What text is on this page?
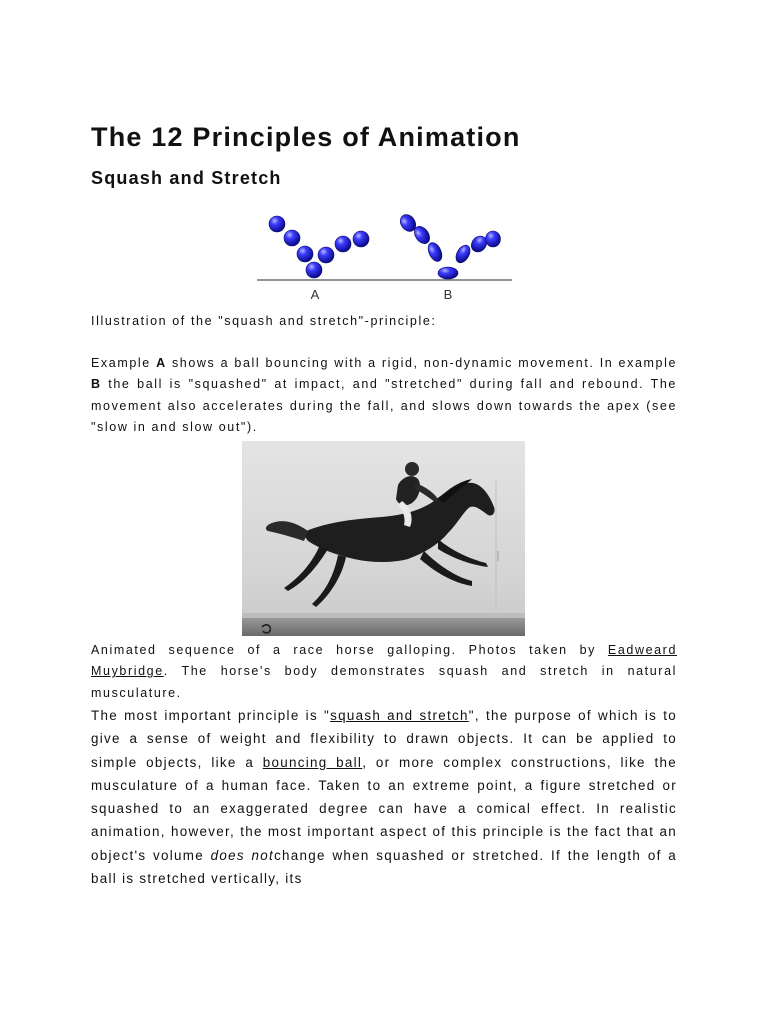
The 12 Principles of Animation
Squash and Stretch
A	B
Illustration of the "squash and stretch"-principle:

Example A shows a ball bouncing with a rigid, non-dynamic movement. In example B the ball is "squashed" at impact, and "stretched" during fall and rebound. The movement also accelerates during the fall, and slows down towards the apex (see "slow in and slow out").

Animated sequence of a race horse galloping. Photos taken by Eadweard Muybridge. The horse's body demonstrates squash and stretch in natural musculature.

The most important principle is "squash and stretch", the purpose of which is to give a sense of weight and flexibility to drawn objects. It can be applied to simple objects, like a bouncing ball, or more complex constructions, like the musculature of a human face. Taken to an extreme point, a figure stretched or squashed to an exaggerated degree can have a comical effect. In realistic animation, however, the most important aspect of this principle is the fact that an object's volume does notchange when squashed or stretched. If the length of a ball is stretched vertically, its
